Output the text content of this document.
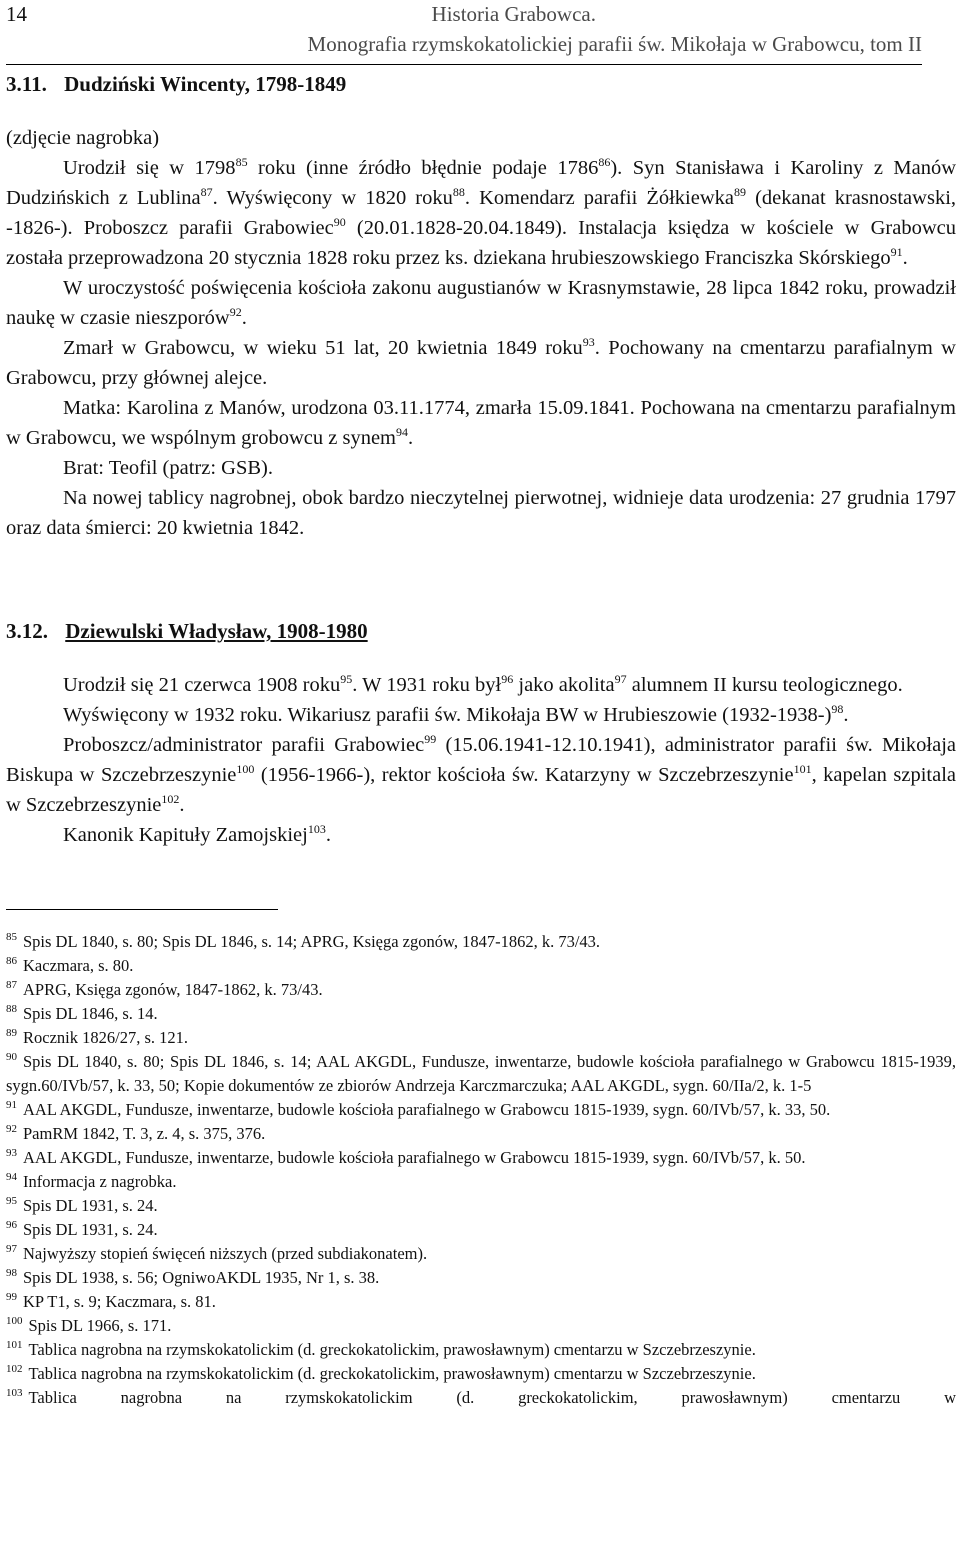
14	Historia Grabowca.
Monografia rzymskokatolickiej parafii św. Mikołaja w Grabowcu, tom II
3.11. Dudziński Wincenty, 1798-1849

(zdjęcie nagrobka)

Urodził się w 1798$^{85}$ roku (inne źródło błędnie podaje 1786$^{86}$). Syn Stanisława i Karoliny z Manów Dudzińskich z Lublina$^{87}$. Wyświęcony w 1820 roku$^{88}$. Komendarz parafii Żółkiewka$^{89}$ (dekanat krasnostawski, -1826-). Proboszcz parafii Grabowiec$^{90}$ (20.01.1828-20.04.1849). Instalacja księdza w kościele w Grabowcu została przeprowadzona 20 stycznia 1828 roku przez ks. dziekana hrubieszowskiego Franciszka Skórskiego$^{91}$.

W uroczystość poświęcenia kościoła zakonu augustianów w Krasnymstawie, 28 lipca 1842 roku, prowadził naukę w czasie nieszporów$^{92}$.

Zmarł w Grabowcu, w wieku 51 lat, 20 kwietnia 1849 roku$^{93}$. Pochowany na cmentarzu parafialnym w Grabowcu, przy głównej alejce.

Matka: Karolina z Manów, urodzona 03.11.1774, zmarła 15.09.1841. Pochowana na cmentarzu parafialnym w Grabowcu, we wspólnym grobowcu z synem$^{94}$.

Brat: Teofil (patrz: GSB).

Na nowej tablicy nagrobnej, obok bardzo nieczytelnej pierwotnej, widnieje data urodzenia: 27 grudnia 1797 oraz data śmierci: 20 kwietnia 1842.

3.12. Dziewulski Władysław, 1908-1980

Urodził się 21 czerwca 1908 roku$^{95}$. W 1931 roku był$^{96}$ jako akolita$^{97}$ alumnem II kursu teologicznego.

Wyświęcony w 1932 roku. Wikariusz parafii św. Mikołaja BW w Hrubieszowie $(1932-1938-)^{98}$.

Proboszcz/administrator parafii Grabowiec$^{99}$ (15.06.1941-12.10.1941), administrator parafii św. Mikołaja Biskupa w Szczebrzeszynie$^{100}$ (1956-1966-), rektor kościoła św. Katarzyny w Szczebrzeszynie$^{101}$, kapelan szpitala w Szczebrzeszynie$^{102}$.

Kanonik Kapituły Zamojskiej$^{103}$.

$^{85}$ Spis DL 1840, s. 80; Spis DL 1846, s. 14; APRG, Księga zgonów, 1847-1862, k. 73/43.

$^{86}$ Kaczmara, s. 80.

$^{87}$ APRG, Księga zgonów, 1847-1862, k. 73/43.

$^{88}$ Spis DL 1846, s. 14.

$^{89}$ Rocznik 1826/27, s. 121.

$^{90}$ Spis DL 1840, s. 80; Spis DL 1846, s. 14; AAL AKGDL, Fundusze, inwentarze, budowle kościoła parafialnego w Grabowcu 1815-1939, sygn.60/IVb/57, k. 33, 50; Kopie dokumentów ze zbiorów Andrzeja Karczmarczuka; AAL AKGDL, sygn. 60/IIa/2, k. 1-5

$^{91}$ AAL AKGDL, Fundusze, inwentarze, budowle kościoła parafialnego w Grabowcu 1815-1939, sygn. 60/IVb/57, k. 33, 50.

$^{92}$ PamRM 1842, T. 3, z. 4, s. 375, 376.

$^{93}$ AAL AKGDL, Fundusze, inwentarze, budowle kościoła parafialnego w Grabowcu 1815-1939, sygn. 60/IVb/57, k. 50.

$^{94}$ Informacja z nagrobka.

$^{95}$ Spis DL 1931, s. 24.

$^{96}$ Spis DL 1931, s. 24.

$^{97}$ Najwyższy stopień święceń niższych (przed subdiakonatem).

$^{98}$ Spis DL 1938, s. 56; OgniwoAKDL 1935, Nr 1, s. 38.

$^{99}$ KP T1, s. 9; Kaczmara, s. 81.

$^{100}$ Spis DL 1966, s. 171.

$^{101}$ Tablica nagrobna na rzymskokatolickim (d. greckokatolickim, prawosławnym) cmentarzu w Szczebrzeszynie.

$^{102}$ Tablica nagrobna na rzymskokatolickim (d. greckokatolickim, prawosławnym) cmentarzu w Szczebrzeszynie.

$^{103}$ Tablica nagrobna na rzymskokatolickim (d. greckokatolickim, prawosławnym) cmentarzu w
